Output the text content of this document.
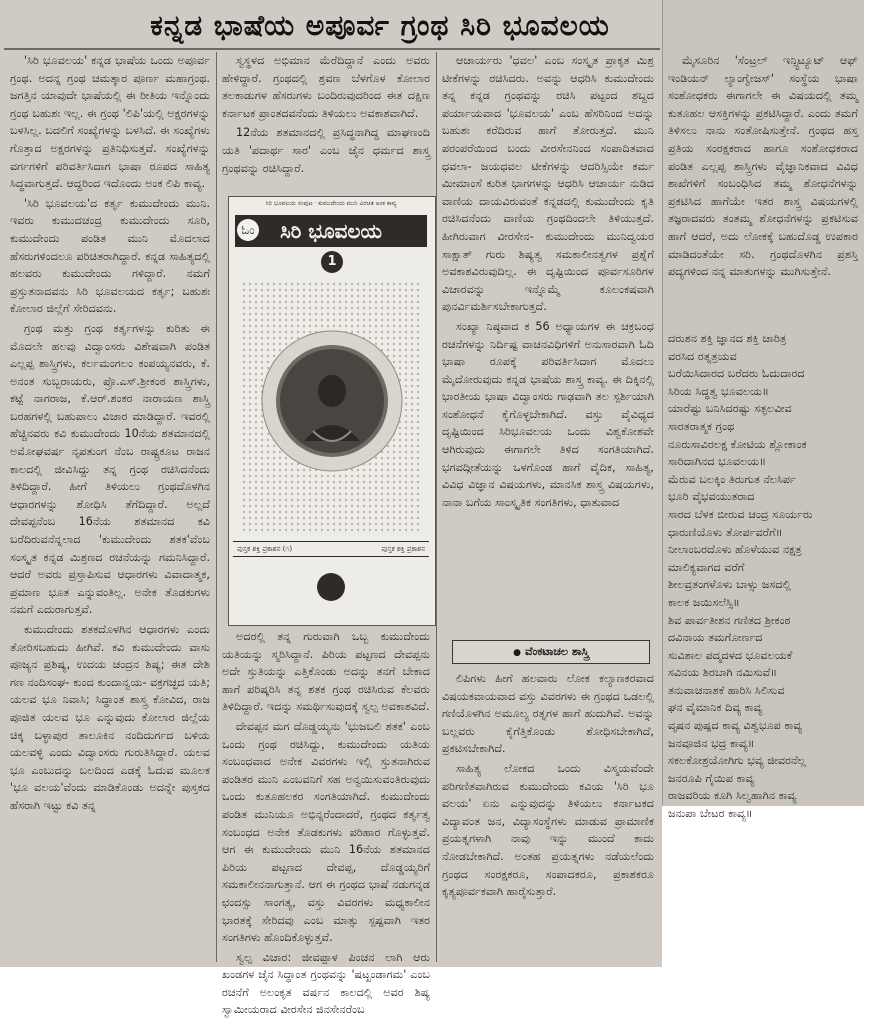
ಕನ್ನಡ ಭಾಷೆಯ ಅಪೂರ್ವ ಗ್ರಂಥ ಸಿರಿ ಭೂವಲಯ

'ಸಿರಿ ಭೂವಲಯ' ಕನ್ನಡ ಭಾಷೆಯ ಒಂದು ಅಪೂರ್ವ ಗ್ರಂಥ. ಅದನ್ನ ಗ್ರಂಥ ಚಮತ್ಕಾರ ಪೂರ್ಣ ಮಹಾಗ್ರಂಥ. ಜಗತ್ತಿನ ಯಾವುದೇ ಭಾಷೆಯಲ್ಲಿ ಈ ರೀತಿಯ ಇನ್ನೊಂದು ಗ್ರಂಥ ಬಹುಶಃ ಇಲ್ಲ. ಈ ಗ್ರಂಥ 'ಲಿಪಿ'ಯಲ್ಲಿ ಅಕ್ಷರಗಳನ್ನು ಬಳಸಿಲ್ಲ. ಬದಲಿಗೆ ಸಂಖ್ಯೆಗಳನ್ನು ಬಳಸಿದೆ. ಈ ಸಂಖ್ಯೆಗಳು ಗೊತ್ತಾದ ಅಕ್ಷರಗಳನ್ನು ಪ್ರತಿನಿಧಿಸುತ್ತವೆ. ಸಂಖ್ಯೆಗಳನ್ನು ವರ್ಗಗಳಿಗೆ ಪರಿವರ್ತಿಸಿದಾಗ ಭಾಷಾ ರೂಪದ ಸಾಹಿತ್ಯ ಸಿದ್ಧವಾಗುತ್ತದೆ. ಆದ್ದರಿಂದ ಇದೊಂದು ಅಂಕ ಲಿಪಿ ಕಾವ್ಯ.

'ಸಿರಿ ಭೂವಲಯ'ದ ಕರ್ತೃ ಕುಮುದೇಂದು ಮುನಿ. ಇವರು ಕುಮುದಚಂದ್ರ ಕುಮುದೇಂದು ಸೂರಿ, ಕುಮುದೇಂದು ಪಂಡಿತ ಮುನಿ ಮೊದಲಾದ ಹೆಸರುಗಳಿಂದಲೂ ಪರಿಚಿತರಾಗಿದ್ದಾರೆ. ಕನ್ನಡ ಸಾಹಿತ್ಯದಲ್ಲಿ ಹಲವರು ಕುಮುದೇಂದು ಗಳಿದ್ದಾರೆ. ನಮಗೆ ಪ್ರಸ್ತುತನಾದವನು ಸಿರಿ ಭೂವಲಯದ ಕರ್ತೃ; ಬಹುಶಃ ಕೋಲಾರ ಜಿಲ್ಲೆಗೆ ಸೇರಿದವನು.

ಗ್ರಂಥ ಮತ್ತು ಗ್ರಂಥ ಕರ್ತೃಗಳನ್ನು ಕುರಿತು ಈ ಮೊದಲೇ ಹಲವು ವಿದ್ವಾಂಸರು ವಿಶೇಷವಾಗಿ ಪಂಡಿತ ಎಲ್ಲಪ್ಪ ಶಾಸ್ತ್ರಿಗಳು, ಕರ್ಲಮಂಗಲಂ ಕಂಪಯ್ಯನವರು, ಕೆ. ಅನಂತ ಸುಬ್ಬರಾಯರು, ಪ್ರೊ.ಎಸ್.ಶ್ರೀಕಂಠ ಶಾಸ್ತ್ರಿಗಳು, ಕಟ್ಟೆ ನಾಗರಾಜ, ಕೆ.ಆರ್.ಶಂಕರ ನಾರಾಯಣ ಶಾಸ್ತ್ರಿ ಬರಹಗಳಲ್ಲಿ ಬಹುಪಾಲು ವಿಚಾರ ಮಾಡಿದ್ದಾರೆ. ಇವರಲ್ಲಿ ಹೆಚ್ಚಿನವರು ಕವಿ ಕುಮುದೇಂದು 10ನೆಯ ಶತಮಾನದಲ್ಲಿ ಅಮೋಘವರ್ಷ ನೃಪತುಂಗ ನೆಂಬ ರಾಷ್ಟ್ರಕೂಟ ರಾಜನ ಕಾಲದಲ್ಲಿ ಜೀವಿಸಿದ್ದು ತನ್ನ ಗ್ರಂಥ ರಚಿಸಿದನೆಂದು ತಿಳಿದಿದ್ದಾರೆ. ಹೀಗೆ ತಿಳಿಯಲು ಗ್ರಂಥದೊಳಗಿನ ಆಧಾರಗಳನ್ನು ಶೋಧಿಸಿ ತೆಗೆದಿದ್ದಾರೆ. ಅಲ್ಲದೆ ದೇವಪ್ಪನೆಂಬ 16ನೆಯ ಶತಮಾನದ ಕವಿ ಬರೆದಿರುವನೆನ್ನಲಾದ 'ಕುಮುದೇಂದು ಶತಕ'ವೆಂಬ ಸಂಸ್ಕೃತ ಕನ್ನಡ ಮಿಶ್ರಣದ ರಚನೆಯನ್ನು ಗಮನಿಸಿದ್ದಾರೆ. ಆದರೆ ಅವರು ಪ್ರಸ್ತಾಪಿಸುವ ಆಧಾರಗಳು ವಿವಾದಾತ್ಮಕ, ಪ್ರಮಾಣ ಭೂತ ಎನ್ನುವಂತಿಲ್ಲ. ಅನೇಕ ತೊಡಕುಗಳು ನಮಗೆ ಎದುರಾಗುತ್ತವೆ.

ಕುಮುದೇಂದು ಶತಕದೊಳಗಿನ ಆಧಾರಗಳು ಎಂದು ತೋರಿಸಬಹುದು ಹೀಗಿವೆ. ಕವಿ ಕುಮುದೇಂದು ವಾಸು ಪೂಜ್ಯನ ಪ್ರಶಿಷ್ಯ, ಉದಯ ಚಂದ್ರನ ಶಿಷ್ಯ; ಈತ ದೇಶಿ ಗಣ ನಂದಿಸಂಘ- ಕುಂದ ಕುಂದಾನ್ವಯ- ವಕ್ರಗಚ್ಛದ ಯತಿ; ಯಲವ ಭೂ ನಿವಾಸಿ; ಸಿದ್ಧಾಂತ ಶಾಸ್ತ್ರ ಕೋವಿದ, ರಾಜ ಪೂಜಿತ ಯಲವ ಭೂ ಎನ್ನುವುದು ಕೋಲಾರ ಜಿಲ್ಲೆಯ ಚಿಕ್ಕ ಬಳ್ಳಾಪುರ ತಾಲೂಕಿನ ನಂದಿದುರ್ಗದ ಬಳಿಯ ಯಲವಳ್ಳಿ ಎಂದು ವಿದ್ವಾಂಸರು ಗುರುತಿಸಿದ್ದಾರೆ. ಯಲವ ಭೂ ಎಂಬುದನ್ನು ಬಲದಿಂದ ಎಡಕ್ಕೆ ಓದುವ ಮೂಲಕ 'ಭೂ ವಲಯ'ವೆಂದು ಮಾಡಿಕೊಂಡು ಅದನ್ನೇ ಪುಸ್ತಕದ ಹೆಸರಾಗಿ ಇಟ್ಟು ಕವಿ ತನ್ನ

ಸ್ವಸ್ಥಳದ ಅಭಿಮಾನ ಮೆರೆದಿದ್ದಾನೆ ಎಂದು ಅವರು ಹೇಳಿದ್ದಾರೆ. ಗ್ರಂಥದಲ್ಲಿ ಶ್ರವಣ ಬೆಳಗೊಳ ಕೋಲಾರ ತಲಕಾಡುಗಳ ಹೆಸರುಗಳು ಬಂದಿರುವುದರಿಂದ ಈತ ದಕ್ಷಿಣ ಕರ್ನಾಟಕ ಪ್ರಾಂತದವನೆಂದು ತಿಳಿಯಲು ಅವಕಾಶವಾಗಿದೆ.

12ನೆಯ ಶತಮಾನದಲ್ಲಿ ಪ್ರಸಿದ್ಧನಾಗಿದ್ದ ಮಾಘಣಂದಿ ಯತಿ 'ಪದಾರ್ಥ ಸಾರ' ಎಂಬ ಜೈನ ಧರ್ಮದ ಶಾಸ್ತ್ರ ಗ್ರಂಥವನ್ನು ರಚಿಸಿದ್ದಾರೆ.

ಸಿರಿ ಭೂವಲಯ ಸಂಪುಟ · ಕುಮುದೇಂದು ಮುನಿ ವಿರಚಿತ ಅಂಕ ಕಾವ್ಯ
ಸಿರಿ ಭೂವಲಯ
ಓಂ
1
ಪುಸ್ತಕ ಶಕ್ತಿ ಪ್ರಕಾಶನ (೧)	ಪುಸ್ತಕ ಶಕ್ತಿ ಪ್ರಕಾಶನ

ಅದರಲ್ಲಿ ತನ್ನ ಗುರುವಾಗಿ ಒಬ್ಬ ಕುಮುದೇಂದು ಯತಿಯನ್ನು ಸ್ಮರಿಸಿದ್ದಾನೆ. ಪಿರಿಯ ಪಟ್ಟಣದ ದೇವಪ್ಪನು ಅದೇ ಸ್ತುತಿಯನ್ನು ಎತ್ತಿಕೊಂಡು ಅದನ್ನು ತನಗೆ ಬೇಕಾದ ಹಾಗೆ ಪರಿಷ್ಕರಿಸಿ ತನ್ನ ಶತಕ ಗ್ರಂಥ ರಚಿಸಿರುವ ಕೆಲವರು ತಿಳಿದಿದ್ದಾರೆ. ಇದನ್ನು ಸಮರ್ಥಿಸುವುದಕ್ಕೆ ಸ್ವಲ್ಪ ಅವಕಾಶವಿದೆ.

ದೇವಪ್ಪನ ಮಗ ದೊಡ್ಡಯ್ಯನು 'ಭುಜಬಲಿ ಶತಕ' ಎಂಬ ಒಂದು ಗ್ರಂಥ ರಚಿಸಿದ್ದು, ಕುಮುದೇಂದು ಯತಿಯ ಸಂಬಂಧವಾದ ಅನೇಕ ವಿವರಗಳು ಇಲ್ಲಿ ಸ್ತುತನಾಗಿರುವ ಪಂಡಿತರ ಮುನಿ ಎಂಬವನಿಗೆ ಸಹ ಅನ್ವಯಿಸುವಂತಿರುವುದು ಒಂದು ಕುತೂಹಲಕರ ಸಂಗತಿಯಾಗಿದೆ. ಕುಮುದೇಂದು ಪಂಡಿತ ಮುನಿಯೂ ಅಭಿನ್ನರೆಂದಾದರೆ, ಗ್ರಂಥದ ಕರ್ತೃತ್ವ ಸಂಬಂಧದ ಅನೇಕ ತೊಡಕುಗಳು ಪರಿಹಾರ ಗೊಳ್ಳುತ್ತವೆ. ಆಗ ಈ ಕುಮುದೇಂದು ಮುನಿ 16ನೆಯ ಶತಮಾನದ ಪಿರಿಯ ಪಟ್ಟಣದ ದೇವಪ್ಪ, ದೊಡ್ಡಯ್ಯರಿಗೆ ಸಮಕಾಲೀನನಾಗುತ್ತಾನೆ. ಆಗ ಈ ಗ್ರಂಥದ ಭಾಷೆ ನಡುಗನ್ನಡ ಛಂದಸ್ಸು ಸಾಂಗತ್ಯ, ವಸ್ತು ವಿವರಗಳು ಮಧ್ಯಕಾಲೀನ ಭಾರತಕ್ಕೆ ಸೇರಿದವು ಎಂಬ ಮಾತ್ಸು ಸ್ಪಷ್ಟವಾಗಿ ಇತರ ಸಂಗತಿಗಳು ಹೊಂದಿಕೊಳ್ಳುತ್ತವೆ.

ಸ್ವಲ್ಪ ವಿಚಾರ: ಜೀವಪ್ಪಾಳ ಪಿಂಚನ ಲಾಗಿ ಆರು ಖಂಡಗಳ ಜೈನ ಸಿದ್ಧಾಂತ ಗ್ರಂಥವನ್ನು 'ಷಟ್ಖಂಡಾಗಮ' ಎಂಬ ರಚನೆಗೆ ಅಲಂಕೃತ ವರ್ಷನ ಕಾಲದಲ್ಲಿ ಅವರ ಶಿಷ್ಯ ಸ್ವಾಮೀಯರಾದ ವೀರಸೇನ ಜಿನಸೇನರೆಂಬ

ಆಚಾರ್ಯರು 'ಧವಲ' ಎಂಬ ಸಂಸ್ಕೃತ ಪ್ರಾಕೃತ ಮಿಶ್ರ ಟೀಕೆಗಳನ್ನು ರಚಿಸಿದರು. ಅವನ್ನು ಆಧರಿಸಿ ಕುಮುದೇಂದು ತನ್ನ ಕನ್ನಡ ಗ್ರಂಥವನ್ನು ರಚಿಸಿ ಪಟ್ಟಂದ ಶಬ್ದದ ಪರ್ಯಾಯವಾದ 'ಭೂವಲಯ' ಎಂಬ ಹೆಸರಿನಿಂದ ಅದನ್ನು ಬಹುಶಃ ಕರೆದಿರುವ ಹಾಗೆ ತೋರುತ್ತದೆ. ಮುನಿ ಪರಂಪರೆಯಿಂದ ಬಂದು ವೀರಸೇನನಿಂದ ಸಂಪಾದಿತವಾದ ಧವಲಾ- ಜಯಧವಲ ಟೀಕೆಗಳನ್ನು ಆದರಿಸ್ಸಿಯೇ ಕರ್ಮ ಮೀಮಾಂಸೆ ಕುರಿತ ಭಾಗಗಳನ್ನು ಆಧರಿಸಿ ಆಚಾರ್ಯ ನುಡಿದ ವಾಣಿಯ ದಾಯವಿರುವಂತೆ ಕನ್ನಡದಲ್ಲಿ ಕುಮುದೇಂದು ಕೃತಿ ರಚಿಸಿದನೆಂದು ವಾಣಿಯ ಗ್ರಂಥದಿಂದಲೇ ತಿಳಿಯುತ್ತದೆ. ಹೀಗಿರುವಾಗ ವೀರಸೇನ- ಕುಮುದೇಂದು ಮುನಿದ್ವಯರ ಸಾಕ್ಷಾತ್ ಗುರು ಶಿಷ್ಯತ್ವ ಸಮಕಾಲೀನತ್ವಗಳ ಪ್ರಶ್ನೆಗೆ ಅವಕಾಶವಿರುವುದಿಲ್ಲ. ಈ ದೃಷ್ಟಿಯಿಂದ ಪೂರ್ವಸೂರಿಗಳ ವಿಚಾರವನ್ನು ಇನ್ನೊಮ್ಮೆ ಕೂಲಂಕಷವಾಗಿ ಪುನರ್ವಿಮರ್ಶಿಸಬೇಕಾಗುತ್ತದೆ.

ಸಂಖ್ಯಾ ನಿಷ್ಠವಾದ ಕ 56 ಅಧ್ಯಾಯಗಳ ಈ ಚಕ್ರಬಂಧ ರಚನೆಗಳನ್ನು ನಿರ್ದಿಷ್ಟ ವಾಚನವಿಧಿಗಳಿಗೆ ಅನುಸಾರವಾಗಿ ಓದಿ ಭಾಷಾ ರೂಪಕ್ಕೆ ಪರಿವರ್ತಿಸಿದಾಗ ಮೊದಲು ಮೈದೋರುವುದು ಕನ್ನಡ ಭಾಷೆಯ ಶಾಸ್ತ್ರ ಕಾವ್ಯ. ಈ ದಿಕ್ಕಿನಲ್ಲಿ ಭಾರತೀಯ ಭಾಷಾ ವಿದ್ವಾಂಸರು ಗಾಢವಾಗಿ ತಲ ಸ್ಪರ್ಶಿಯಾಗಿ ಸಂಶೋಧನೆ ಕೈಗೊಳ್ಳಬೇಕಾಗಿದೆ. ವಸ್ತು ವೈವಿಧ್ಯದ ದೃಷ್ಟಿಯಿಂದ ಸಿರಿಭೂವಲಯ ಒಂದು ವಿಶ್ವಕೋಶವೇ ಆಗಿರುವುದು ಈಗಾಗಲೇ ತಿಳಿದ ಸಂಗತಿಯಾಗಿದೆ. ಭಗವದ್ಗೀತೆಯನ್ನು ಒಳಗೊಂಡ ಹಾಗೆ ವೈದಿಕ, ಸಾಹಿತ್ಯ, ವಿವಿಧ ವಿಜ್ಞಾನ ವಿಷಯಗಳು, ಮಾನಸಿಕ ಶಾಸ್ತ್ರ ವಿಷಯಗಳು, ನಾನಾ ಬಗೆಯ ಸಾಂಸ್ಕೃತಿಕ ಸಂಗತಿಗಳು, ಧಾತುವಾದ

● ವೆಂಕಟಾಚಲ ಶಾಸ್ತ್ರಿ

ಲಿಪಿಗಳು ಹೀಗೆ ಹಲವಾರು ಲೋಕ ಕಲ್ಯಾಣಕರವಾದ ವಿಷಯಕವಾಯವಾದ ವಸ್ತು ವಿವರಗಳು ಈ ಗ್ರಂಥದ ಒಡಲಲ್ಲಿ ಗಣಿಯೊಳಗಿನ ಅಮೂಲ್ಯ ರತ್ನಗಳ ಹಾಗೆ ಹುದುಗಿವೆ. ಅವನ್ನು ಬಲ್ಲವರು ಕೈಗೆತ್ತಿಕೊಂಡು ಶೋಧಿಸಬೇಕಾಗಿದೆ, ಪ್ರಕಟಿಸಬೇಕಾಗಿದೆ.

ಸಾಹಿತ್ಯ ಲೋಕದ ಒಂದು ವಿಸ್ಮಯವೆಂದೇ ಪರಿಗಣಿತವಾಗಿರುವ ಕುಮುದೇಂದು ಕವಿಯ 'ಸಿರಿ ಭೂ ವಲಯ' ಏನು ಎನ್ನುವುದನ್ನು ತಿಳಿಯಲು ಕರ್ನಾಟಕದ ವಿದ್ಯಾವಂತ ಜನ, ವಿದ್ಯಾಸಂಸ್ಥೆಗಳು ಮಾಡುವ ಪ್ರಾಮಾಣಿಕ ಪ್ರಯತ್ನಗಳಾಗಿ ನಾವು ಇನ್ನು ಮುಂದೆ ಕಾದು ನೋಡಬೇಕಾಗಿದೆ. ಅಂತಹ ಪ್ರಯತ್ನಗಳು ನಡೆಯಲೆಂದು ಗ್ರಂಥದ ಸಂರಕ್ಷಕರೂ, ಸಂಪಾದಕರೂ, ಪ್ರಕಾಶಕರೂ ಕೃತ್ಯಪೂರ್ವಕವಾಗಿ ಹಾರೈಸುತ್ತಾರೆ.

ಮೈಸೂರಿನ 'ಸೆಂಟ್ರಲ್ ಇನ್ಸ್ಟಿಟ್ಯೂಟ್ ಆಫ್ ಇಂಡಿಯನ್ ಲ್ಯಾಂಗ್ವೇಜಸ್' ಸಂಸ್ಥೆಯ ಭಾಷಾ ಸಂಶೋಧಕರು ಈಗಾಗಲೇ ಈ ವಿಷಯದಲ್ಲಿ ತಮ್ಮ ಕುತೂಹಲ ಆಸಕ್ತಿಗಳನ್ನು ಪ್ರಕಟಿಸಿದ್ದಾರೆ. ಎಂದು ತಮಗೆ ತಿಳಿಸಲು ನಾನು ಸಂತೋಷಿಸುತ್ತೇನೆ. ಗ್ರಂಥದ ಹಸ್ತ ಪ್ರತಿಯ ಸಂರಕ್ಷಕರಾದ ಹಾಗೂ ಸಂಶೋಧಕರಾದ ಪಂಡಿತ ಎಲ್ಲಪ್ಪ ಶಾಸ್ತ್ರಿಗಳು ವೈಜ್ಞಾನಿಕವಾದ ವಿವಿಧ ಶಾಖೆಗಳಿಗೆ ಸಂಬಂಧಿಸಿದ ತಮ್ಮ ಶೋಧನೆಗಳನ್ನು ಪ್ರಕಟಿಸಿದ ಹಾಗೆಯೇ ಇತರ ಶಾಸ್ತ್ರ ವಿಷಯಗಳಲ್ಲಿ ತಜ್ಞರಾದವರು ತಂತಮ್ಮ ಶೋಧನೆಗಳನ್ನು ಪ್ರಕಟಿಸುವ ಹಾಗೆ ಆದರೆ, ಅದು ಲೋಕಕ್ಕೆ ಬಹುದೊಡ್ಡ ಉಪಕಾರ ಮಾಡಿದಂತೆಯೇ ಸರಿ. ಗ್ರಂಥದೊಳಗಿನ ಪ್ರಶಸ್ತಿ ಪದ್ಯಗಳಿಂದ ನನ್ನ ಮಾತುಗಳನ್ನು ಮುಗಿಸುತ್ತೇನೆ.

ದರುಶನ ಶಕ್ತಿ ಜ್ಞಾನದ ಶಕ್ತಿ ಚಾರಿತ್ರ
ವರಸಿದ ರತ್ನತ್ರಯವ
ಬರೆಯಿಸಿದಾರದ ಬರೆದರು ಓದುದಾರದ
ಸಿರಿಯ ಸಿದ್ಧತ್ವ ಭೂವಲಯ॥
ಯಾರೆಷ್ಟು ಬನಿಸಿದರಷ್ಟು ಸತ್ಫಲವೀವ
ಸಾರತರಾತ್ಮಕ ಗ್ರಂಥ
ನೂರುಸಾವಿರಲಕ್ಷ ಕೋಟಿಯ ಶ್ಲೋಕಾಂಕ
ಸಾರಿದಾಗಿನದ ಭೂವಲಯ॥
ಮೆರುವ ಬಲಕ್ಕಿಂ ತಿರುಗುತ ನೆಲಸಿರ್ಪ
ಭೂರಿ ವೈಭವಯುತರಾದ
ಸಾರದ ಬೆಳಕ ಬೀರುವ ಚಂದ್ರ ಸೂರ್ಯರು
ಧಾರುಣಿಯೊಳು ತೋರ್ಪವರೆಗೆ॥
ನೀಲಾಂಬರದೊಳು ಹೊಳೆಯುವ ನಕ್ಷತ್ರ
ಮಾಲಿಕ್ಯವಾಗದ ವರೆಗೆ
ಶೀಲವ್ರತಂಗಳೊಳು ಬಾಳ್ಸು ಜಸದಲ್ಲಿ
ಕಾಲಕ ಜಯಿಸಲೆಸ್ಸಿ॥
ಶಿವ ಪಾರ್ವತೀಶನ ಗಣಿತದ ಶ್ರೀಕಂಠ
ದವಿನಾಯ ತಮಗೋರ್ಣದ
ಸುವಿಶಾಲ ಪದ್ಮದಳದ ಭೂವಲಯಕೆ
ಸವಿನಯ ಶಿರಬಾಗಿ ನಮಿಸುವೆ॥
ತನುವಾಚನಾಶಕೆ ಹಾರಿಸಿ ಸಿಲಿಸುವ
ಘನ ವೈಮಾನಿಕ ದಿವ್ಯ ಕಾವ್ಯ
ವೃಷನ ಪುಷ್ಪದ ಕಾವ್ಯ ವಿಶ್ವಭೂಪ ಕಾವ್ಯ
ಜನವೂಜಿನ ಭದ್ರ ಕಾವ್ಯ॥
ಸಕಲಕೋಶ್ರಯೋಗಿಗು ಭವ್ಯ ಜೀವರನೆಲ್ಲ
ಜನರೂಪಿ ಗೈಯಿಪ ಕಾವ್ಯ
ರಾಜವರಿಯ ಕೂಗಿ ಸಿಲ್ವಹಾಗಿನ ಕಾವ್ಯ
ಜನುಪಾ ಬೇಟರ ಕಾವ್ಯ॥
